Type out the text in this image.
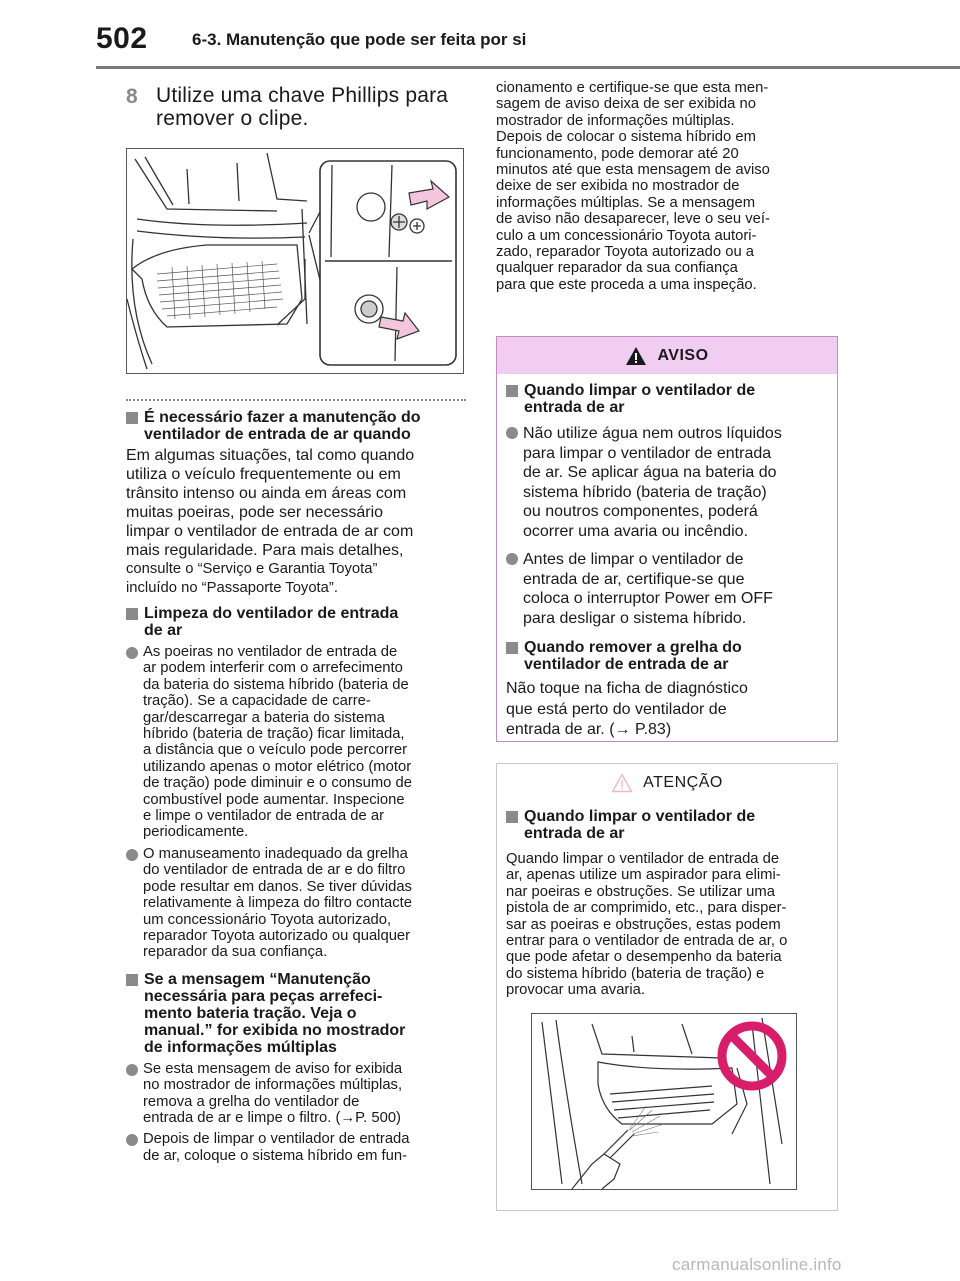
502	6-3. Manutenção que pode ser feita por si
8 Utilize uma chave Phillips para
remover o clipe.
É necessário fazer a manutenção do
ventilador de entrada de ar quando
Em algumas situações, tal como quando
utiliza o veículo frequentemente ou em
trânsito intenso ou ainda em áreas com
muitas poeiras, pode ser necessário
limpar o ventilador de entrada de ar com
mais regularidade. Para mais detalhes,
consulte o “Serviço e Garantia Toyota”
incluído no “Passaporte Toyota”.
Limpeza do ventilador de entrada
de ar
As poeiras no ventilador de entrada de
ar podem interferir com o arrefecimento
da bateria do sistema híbrido (bateria de
tração). Se a capacidade de carre-
gar/descarregar a bateria do sistema
híbrido (bateria de tração) ficar limitada,
a distância que o veículo pode percorrer
utilizando apenas o motor elétrico (motor
de tração) pode diminuir e o consumo de
combustível pode aumentar. Inspecione
e limpe o ventilador de entrada de ar
periodicamente.
O manuseamento inadequado da grelha
do ventilador de entrada de ar e do filtro
pode resultar em danos. Se tiver dúvidas
relativamente à limpeza do filtro contacte
um concessionário Toyota autorizado,
reparador Toyota autorizado ou qualquer
reparador da sua confiança.
Se a mensagem “Manutenção
necessária para peças arrefeci-
mento bateria tração. Veja o
manual.” for exibida no mostrador
de informações múltiplas
Se esta mensagem de aviso for exibida
no mostrador de informações múltiplas,
remova a grelha do ventilador de
entrada de ar e limpe o filtro. (→P. 500)
Depois de limpar o ventilador de entrada
de ar, coloque o sistema híbrido em fun-
cionamento e certifique-se que esta men-
sagem de aviso deixa de ser exibida no
mostrador de informações múltiplas.
Depois de colocar o sistema híbrido em
funcionamento, pode demorar até 20
minutos até que esta mensagem de aviso
deixe de ser exibida no mostrador de
informações múltiplas. Se a mensagem
de aviso não desaparecer, leve o seu veí-
culo a um concessionário Toyota autori-
zado, reparador Toyota autorizado ou a
qualquer reparador da sua confiança
para que este proceda a uma inspeção.
AVISO
Quando limpar o ventilador de
entrada de ar
Não utilize água nem outros líquidos
para limpar o ventilador de entrada
de ar. Se aplicar água na bateria do
sistema híbrido (bateria de tração)
ou noutros componentes, poderá
ocorrer uma avaria ou incêndio.
Antes de limpar o ventilador de
entrada de ar, certifique-se que
coloca o interruptor Power em OFF
para desligar o sistema híbrido.
Quando remover a grelha do
ventilador de entrada de ar
Não toque na ficha de diagnóstico
que está perto do ventilador de
entrada de ar. (→ P.83)
ATENÇÃO
Quando limpar o ventilador de
entrada de ar
Quando limpar o ventilador de entrada de
ar, apenas utilize um aspirador para elimi-
nar poeiras e obstruções. Se utilizar uma
pistola de ar comprimido, etc., para disper-
sar as poeiras e obstruções, estas podem
entrar para o ventilador de entrada de ar, o
que pode afetar o desempenho da bateria
do sistema híbrido (bateria de tração) e
provocar uma avaria.
carmanualsonline.info
